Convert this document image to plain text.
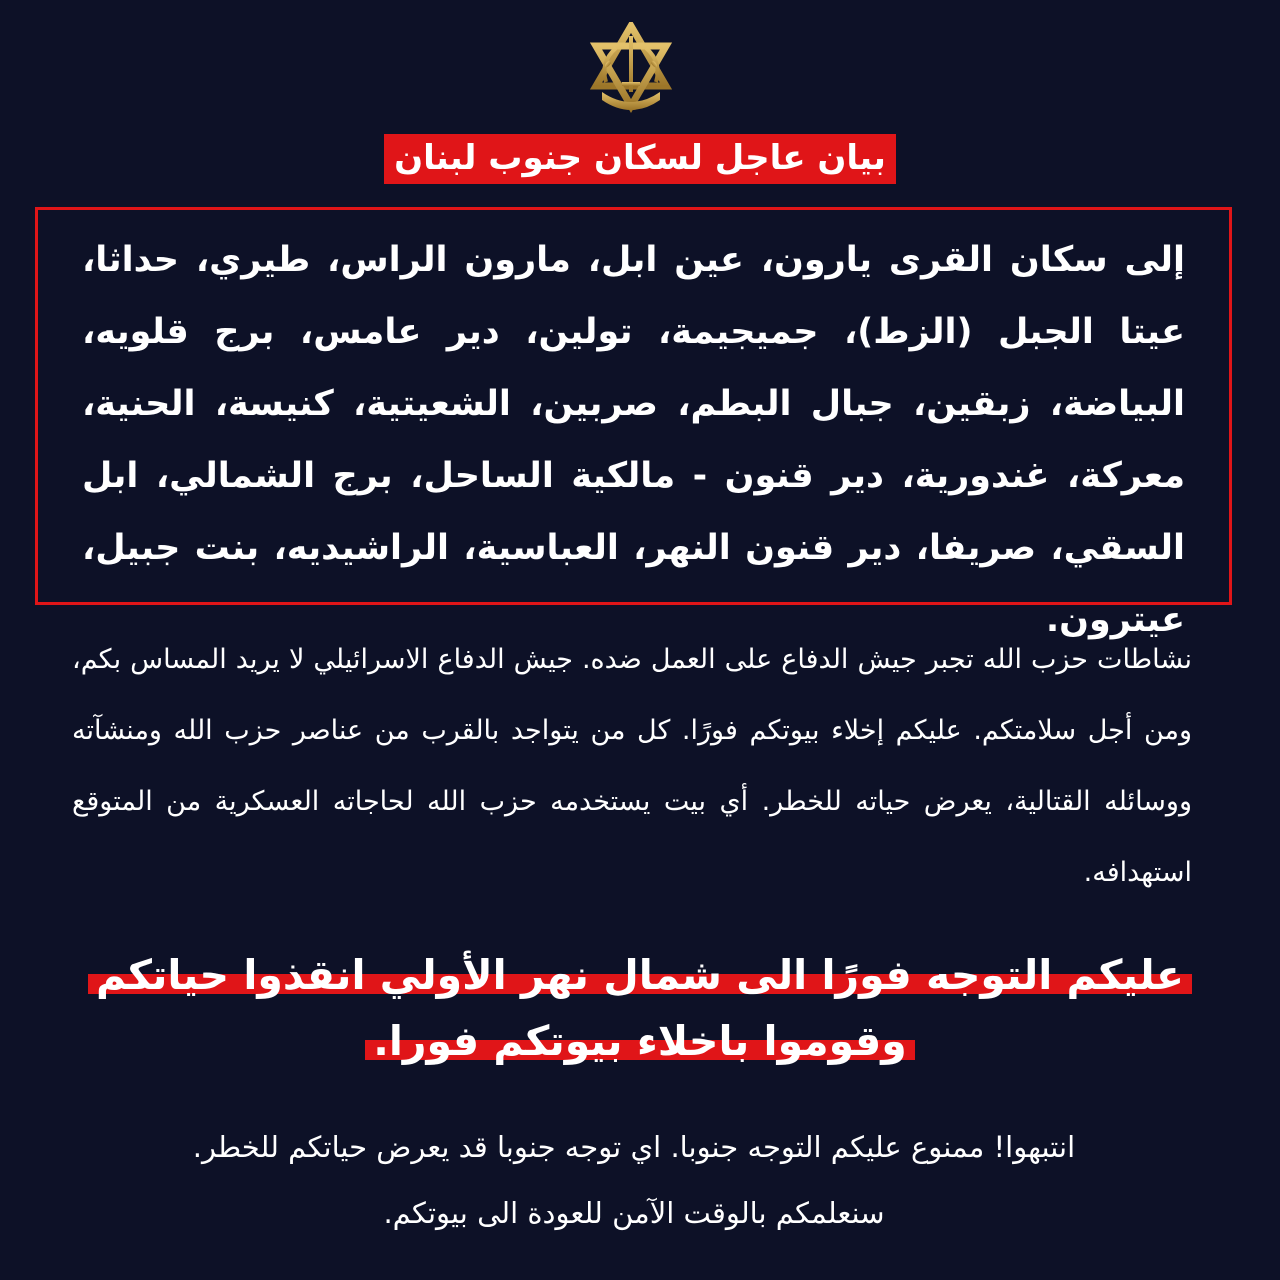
بيان عاجل لسكان جنوب لبنان
إلى سكان القرى يارون، عين ابل، مارون الراس، طيري، حداثا، عيتا الجبل (الزط)، جميجيمة، تولين، دير عامس، برج قلويه، البياضة، زبقين، جبال البطم، صربين، الشعيتية، كنيسة، الحنية، معركة، غندورية، دير قنون - مالكية الساحل، برج الشمالي، ابل السقي، صريفا، دير قنون النهر، العباسية، الراشيديه، بنت جبيل، عيترون.
نشاطات حزب الله تجبر جيش الدفاع على العمل ضده. جيش الدفاع الاسرائيلي لا يريد المساس بكم، ومن أجل سلامتكم. عليكم إخلاء بيوتكم فورًا. كل من يتواجد بالقرب من عناصر حزب الله ومنشآته ووسائله القتالية، يعرض حياته للخطر. أي بيت يستخدمه حزب الله لحاجاته العسكرية من المتوقع استهدافه.
عليكم التوجه فورًا الى شمال نهر الأولي انقذوا حياتكم
وقوموا باخلاء بيوتكم فورا.
انتبهوا! ممنوع عليكم التوجه جنوبا. اي توجه جنوبا قد يعرض حياتكم للخطر.
سنعلمكم بالوقت الآمن للعودة الى بيوتكم.
